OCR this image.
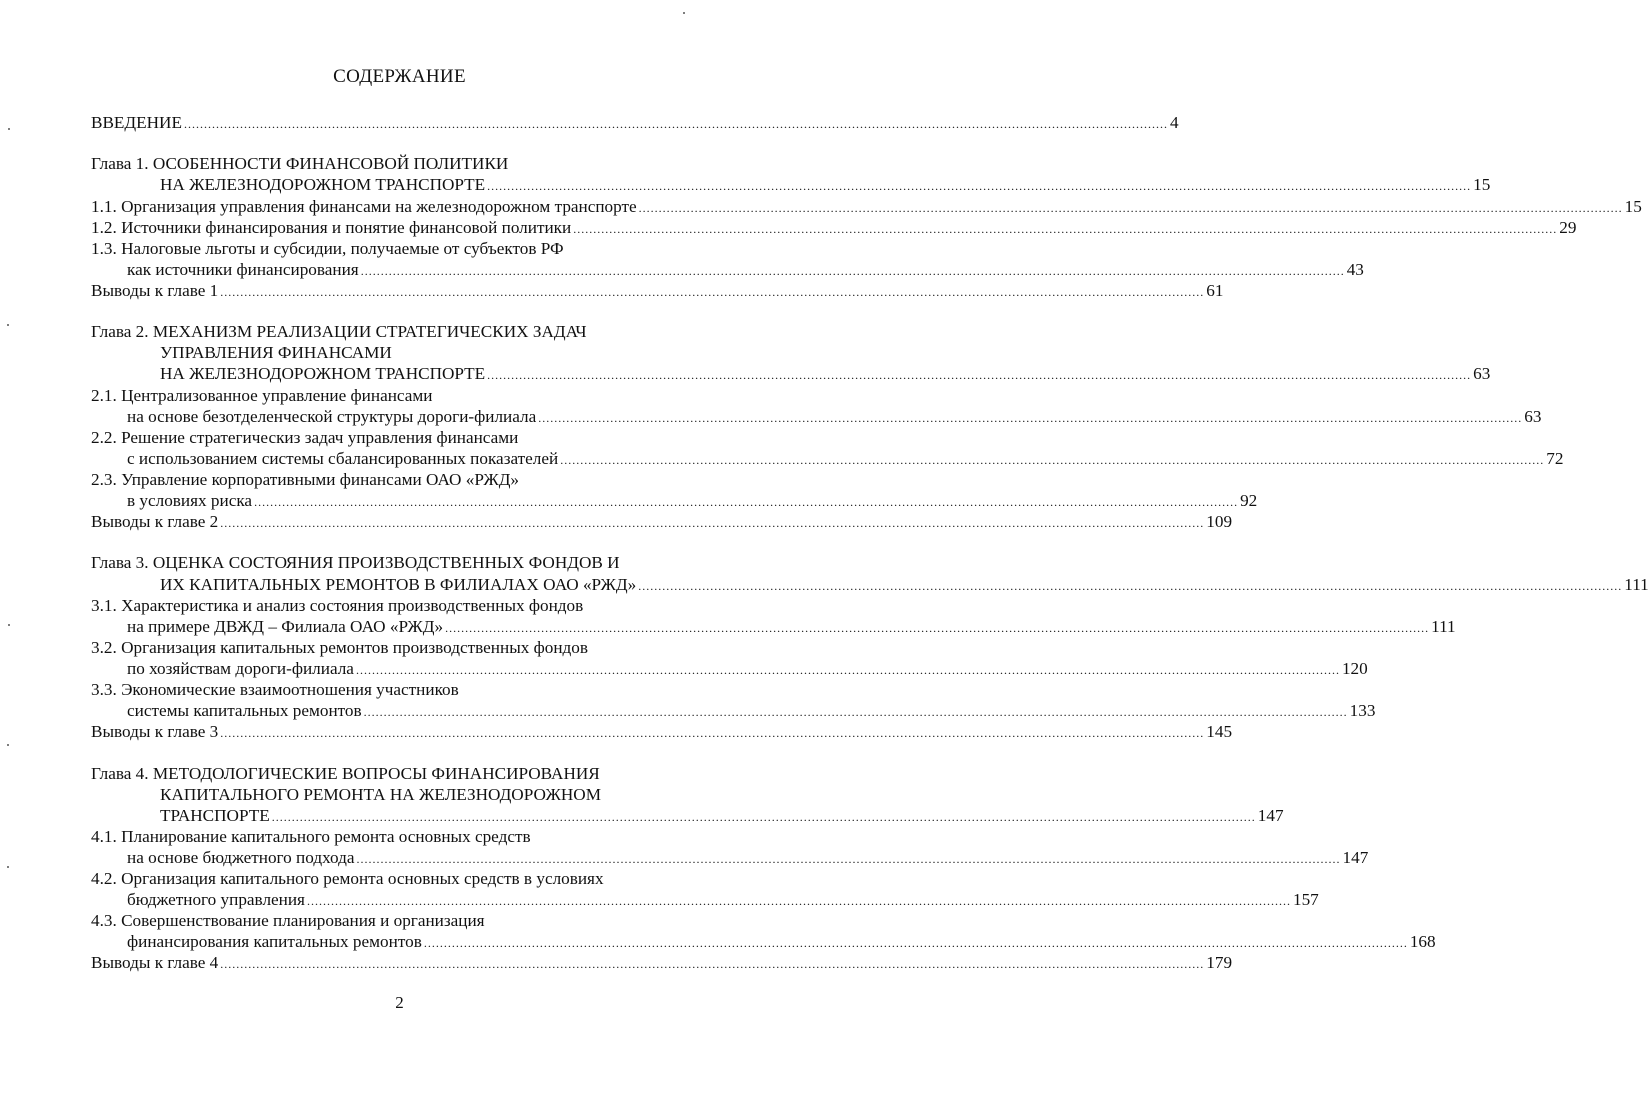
СОДЕРЖАНИЕ
ВВЕДЕНИЕ ...................................................................................................................................................................................................................................................... 4
Глава 1. ОСОБЕННОСТИ ФИНАНСОВОЙ ПОЛИТИКИ
НА ЖЕЛЕЗНОДОРОЖНОМ ТРАНСПОРТЕ ...................................................................................................................................................................................................................................................... 15
1.1. Организация управления финансами на железнодорожном транспорте ...................................................................................................................................................................................................................................................... 15
1.2. Источники финансирования и понятие финансовой политики ...................................................................................................................................................................................................................................................... 29
1.3. Налоговые льготы и субсидии, получаемые от субъектов РФ
как источники финансирования ...................................................................................................................................................................................................................................................... 43
Выводы к главе 1 ...................................................................................................................................................................................................................................................... 61
Глава 2. МЕХАНИЗМ РЕАЛИЗАЦИИ СТРАТЕГИЧЕСКИХ ЗАДАЧ
УПРАВЛЕНИЯ ФИНАНСАМИ
НА ЖЕЛЕЗНОДОРОЖНОМ ТРАНСПОРТЕ ...................................................................................................................................................................................................................................................... 63
2.1. Централизованное управление финансами
на основе безотделенческой структуры дороги-филиала ...................................................................................................................................................................................................................................................... 63
2.2. Решение стратегическиз задач управления финансами
с использованием системы сбалансированных показателей ...................................................................................................................................................................................................................................................... 72
2.3. Управление корпоративными финансами ОАО «РЖД»
в условиях риска ...................................................................................................................................................................................................................................................... 92
Выводы к главе 2 ...................................................................................................................................................................................................................................................... 109
Глава 3. ОЦЕНКА СОСТОЯНИЯ ПРОИЗВОДСТВЕННЫХ ФОНДОВ И
ИХ КАПИТАЛЬНЫХ РЕМОНТОВ В ФИЛИАЛАХ ОАО «РЖД» ...................................................................................................................................................................................................................................................... 111
3.1. Характеристика и анализ состояния производственных фондов
на примере ДВЖД – Филиала ОАО «РЖД» ...................................................................................................................................................................................................................................................... 111
3.2. Организация капитальных ремонтов производственных фондов
по хозяйствам дороги-филиала ...................................................................................................................................................................................................................................................... 120
3.3. Экономические взаимоотношения участников
системы капитальных ремонтов ...................................................................................................................................................................................................................................................... 133
Выводы к главе 3 ...................................................................................................................................................................................................................................................... 145
Глава 4. МЕТОДОЛОГИЧЕСКИЕ ВОПРОСЫ ФИНАНСИРОВАНИЯ
КАПИТАЛЬНОГО РЕМОНТА НА ЖЕЛЕЗНОДОРОЖНОМ
ТРАНСПОРТЕ ...................................................................................................................................................................................................................................................... 147
4.1. Планирование капитального ремонта основных средств
на основе бюджетного подхода ...................................................................................................................................................................................................................................................... 147
4.2. Организация капитального ремонта основных средств в условиях
бюджетного управления ...................................................................................................................................................................................................................................................... 157
4.3. Совершенствование планирования и организация
финансирования капитальных ремонтов ...................................................................................................................................................................................................................................................... 168
Выводы к главе 4 ...................................................................................................................................................................................................................................................... 179
2
